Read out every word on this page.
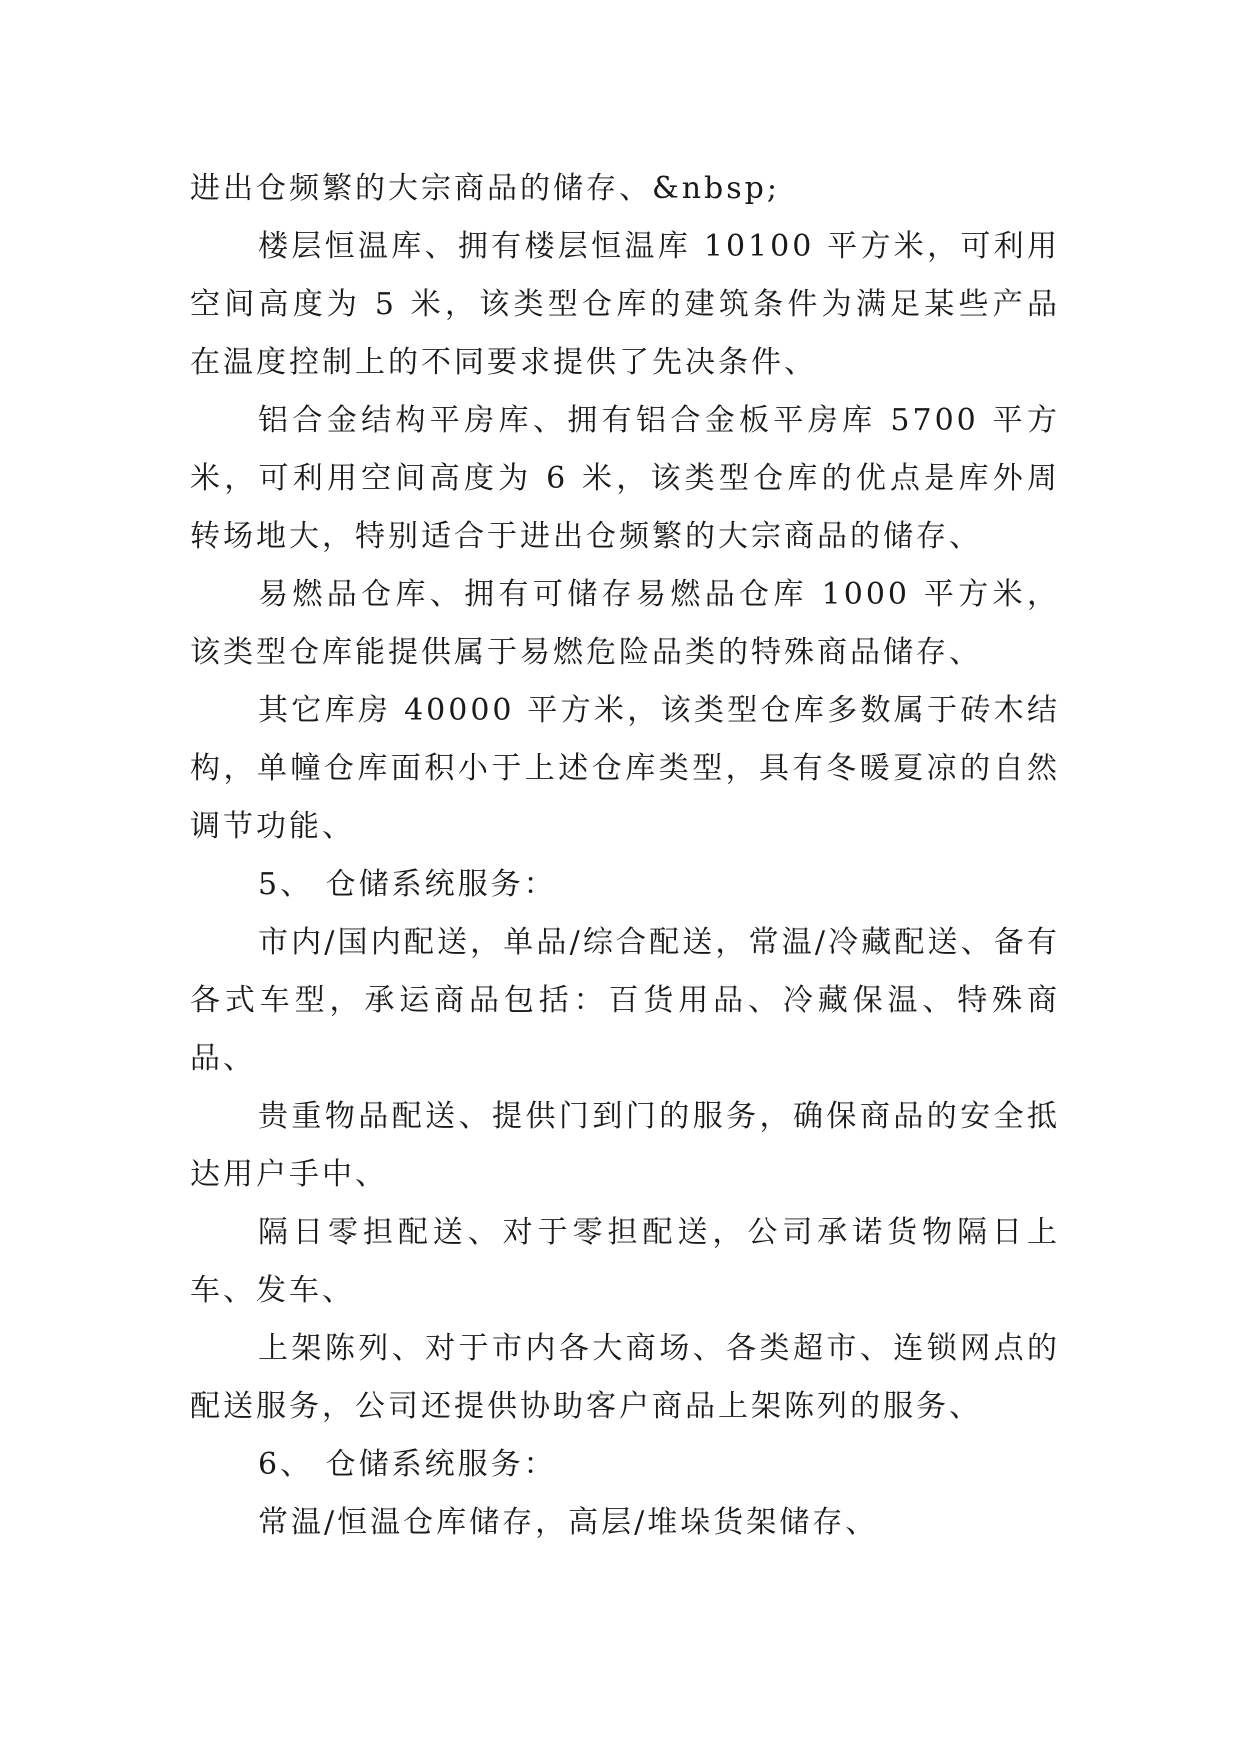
进出仓频繁的大宗商品的储存、&nbsp;

楼层恒温库、拥有楼层恒温库 10100 平方米，可利用空间高度为 5 米，该类型仓库的建筑条件为满足某些产品在温度控制上的不同要求提供了先决条件、

铝合金结构平房库、拥有铝合金板平房库 5700 平方米，可利用空间高度为 6 米，该类型仓库的优点是库外周转场地大，特别适合于进出仓频繁的大宗商品的储存、

易燃品仓库、拥有可储存易燃品仓库 1000 平方米，该类型仓库能提供属于易燃危险品类的特殊商品储存、

其它库房 40000 平方米，该类型仓库多数属于砖木结构，单幢仓库面积小于上述仓库类型，具有冬暖夏凉的自然调节功能、

5、 仓储系统服务：

市内/国内配送，单品/综合配送，常温/冷藏配送、备有各式车型，承运商品包括：百货用品、冷藏保温、特殊商品、

贵重物品配送、提供门到门的服务，确保商品的安全抵达用户手中、

隔日零担配送、对于零担配送，公司承诺货物隔日上车、发车、

上架陈列、对于市内各大商场、各类超市、连锁网点的配送服务，公司还提供协助客户商品上架陈列的服务、

6、 仓储系统服务：

常温/恒温仓库储存，高层/堆垛货架储存、
